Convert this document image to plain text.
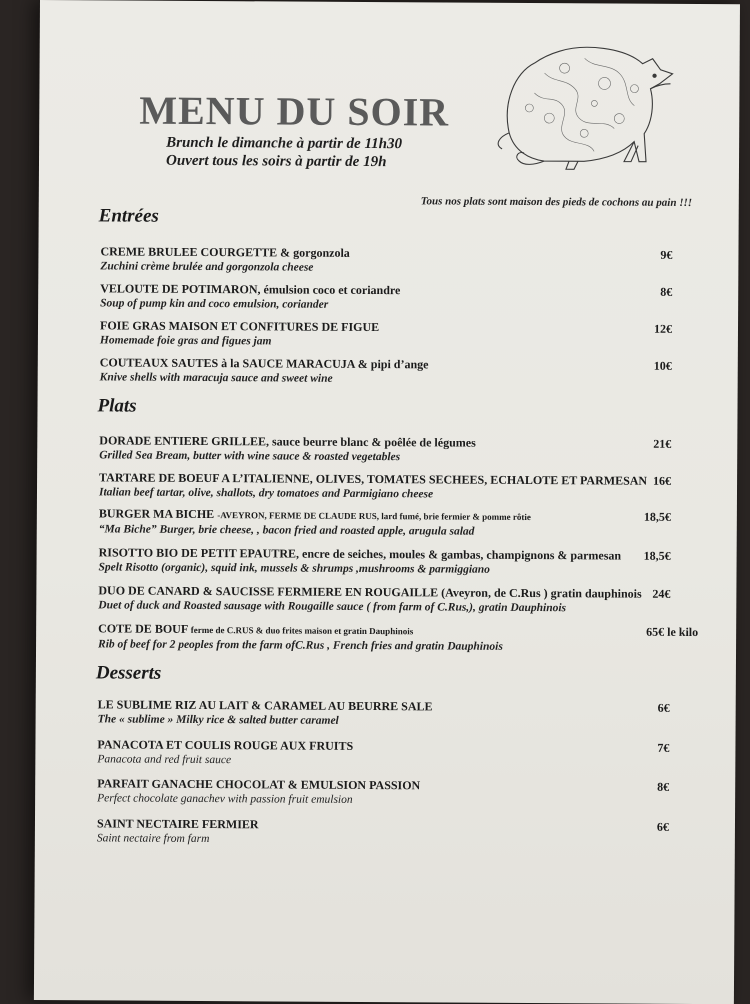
MENU DU SOIR
Brunch le dimanche à partir de 11h30
Ouvert tous les soirs à partir de 19h
Tous nos plats sont maison des pieds de cochons au pain !!!
Entrées
CREME BRULEE COURGETTE & gorgonzola
Zuchini crème brulée and gorgonzola cheese
9€
VELOUTE DE POTIMARON, émulsion coco et coriandre
Soup of pump kin and coco emulsion, coriander
8€
FOIE GRAS MAISON ET CONFITURES DE FIGUE
Homemade foie gras and figues jam
12€
COUTEAUX SAUTES à la SAUCE MARACUJA & pipi d’ange
Knive shells with maracuja sauce and sweet wine
10€
Plats
DORADE ENTIERE GRILLEE, sauce beurre blanc & poêlée de légumes
Grilled Sea Bream, butter with wine sauce & roasted vegetables
21€
TARTARE DE BOEUF A L’ITALIENNE, OLIVES, TOMATES SECHEES, ECHALOTE ET PARMESAN
Italian beef tartar, olive, shallots, dry tomatoes and Parmigiano cheese
16€
BURGER MA BICHE -AVEYRON, FERME DE CLAUDE RUS, lard fumé, brie fermier & pomme rôtie
“Ma Biche” Burger, brie cheese, , bacon fried and roasted apple, arugula salad
18,5€
RISOTTO BIO DE PETIT EPAUTRE, encre de seiches, moules & gambas, champignons & parmesan
Spelt Risotto (organic), squid ink, mussels & shrumps ,mushrooms & parmiggiano
18,5€
DUO DE CANARD & SAUCISSE FERMIERE EN ROUGAILLE (Aveyron, de C.Rus ) gratin dauphinois
Duet of duck and Roasted sausage with Rougaille sauce ( from farm of C.Rus,), gratin Dauphinois
24€
COTE DE BOUF ferme de C.RUS & duo frites maison et gratin Dauphinois
Rib of beef for 2 peoples from the farm ofC.Rus , French fries and gratin Dauphinois
65€ le kilo
Desserts
LE SUBLIME RIZ AU LAIT & CARAMEL AU BEURRE SALE
The « sublime » Milky rice & salted butter caramel
6€
PANACOTA ET COULIS ROUGE AUX FRUITS
Panacota and red fruit sauce
7€
PARFAIT GANACHE CHOCOLAT & EMULSION PASSION
Perfect chocolate ganachev with passion fruit emulsion
8€
SAINT NECTAIRE FERMIER
Saint nectaire from farm
6€
